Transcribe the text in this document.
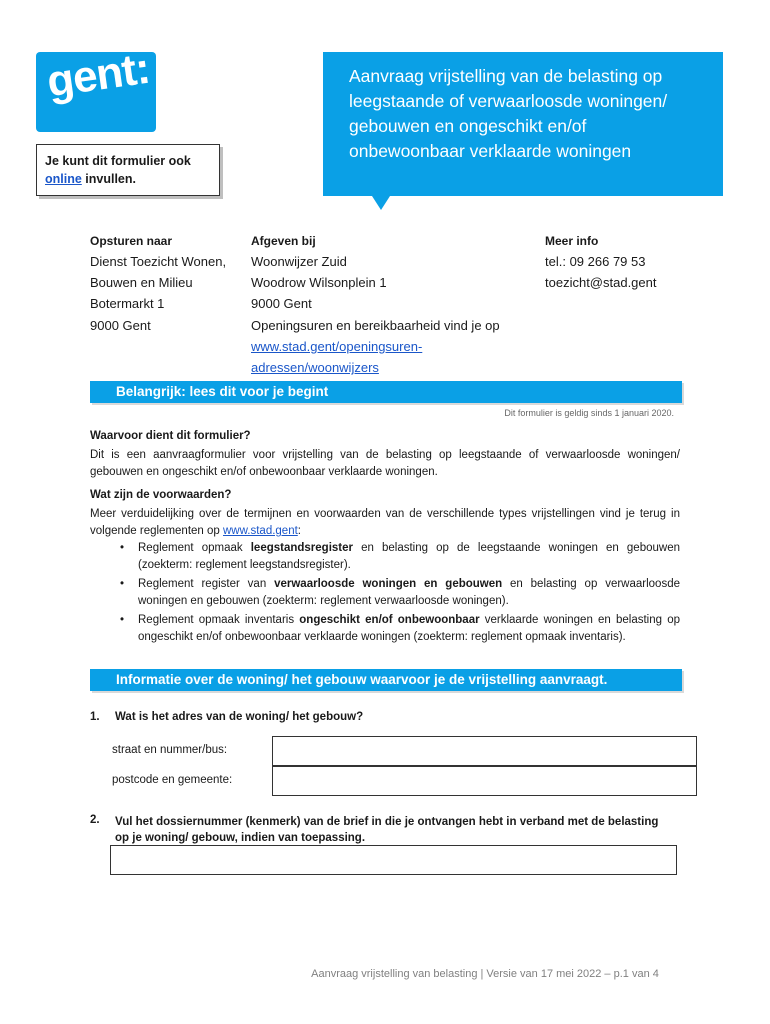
gent:

Je kunt dit formulier ook online invullen.

Aanvraag vrijstelling van de belasting op leegstaande of verwaarloosde woningen/ gebouwen en ongeschikt en/of onbewoonbaar verklaarde woningen
Opsturen naar
Dienst Toezicht Wonen,
Bouwen en Milieu
Botermarkt 1
9000 Gent
Afgeven bij
Woonwijzer Zuid
Woodrow Wilsonplein 1
9000 Gent
Openingsuren en bereikbaarheid vind je op
www.stad.gent/openingsuren-
adressen/woonwijzers
Meer info
tel.: 09 266 79 53
toezicht@stad.gent
Belangrijk: lees dit voor je begint
Dit formulier is geldig sinds 1 januari 2020.
Waarvoor dient dit formulier?

Dit is een aanvraagformulier voor vrijstelling van de belasting op leegstaande of verwaarloosde woningen/ gebouwen en ongeschikt en/of onbewoonbaar verklaarde woningen.

Wat zijn de voorwaarden?

Meer verduidelijking over de termijnen en voorwaarden van de verschillende types vrijstellingen vind je terug in volgende reglementen op www.stad.gent:

• Reglement opmaak leegstandsregister en belasting op de leegstaande woningen en gebouwen (zoekterm: reglement leegstandsregister).
• Reglement register van verwaarloosde woningen en gebouwen en belasting op verwaarloosde woningen en gebouwen (zoekterm: reglement verwaarloosde woningen).
• Reglement opmaak inventaris ongeschikt en/of onbewoonbaar verklaarde woningen en belasting op ongeschikt en/of onbewoonbaar verklaarde woningen (zoekterm: reglement opmaak inventaris).
Informatie over de woning/ het gebouw waarvoor je de vrijstelling aanvraagt.
1. Wat is het adres van de woning/ het gebouw?
straat en nummer/bus:
postcode en gemeente:
2. Vul het dossiernummer (kenmerk) van de brief in die je ontvangen hebt in verband met de belasting op je woning/ gebouw, indien van toepassing.
Aanvraag vrijstelling van belasting | Versie van 17 mei 2022 – p.1 van 4
